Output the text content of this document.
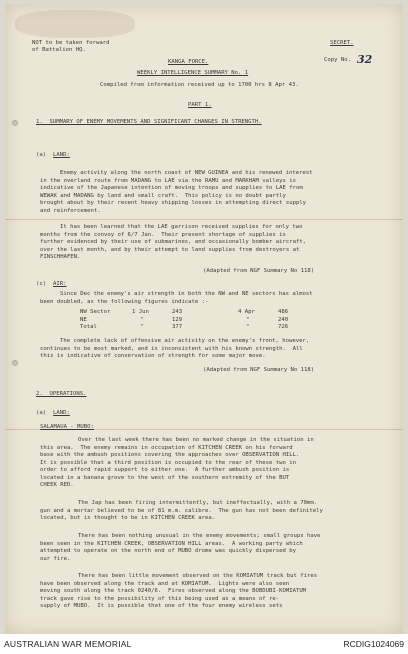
NOT to be taken forward
of Battalion HQ.
SECRET.
Copy No. 32
KANGA FORCE.
WEEKLY INTELLIGENCE SUMMARY No. 1
Compiled from information received up to 1700 hrs 8 Apr 43.
PART 1.
1.  SUMMARY OF ENEMY MOVEMENTS AND SIGNIFICANT CHANGES IN STRENGTH.
(a) LAND:
Enemy activity along the north coast of NEW GUINEA and his renewed interest
in the overland route from MADANG to LAE via the RAMU and MARKHAM valleys is
indicative of the Japanese intention of moving troops and supplies to LAE from
WEWAK and MADANG by land and small craft.  This policy is no doubt partly
brought about by their recent heavy shipping losses in attempting direct supply
and reinforcement.
It has been learned that the LAE garrison received supplies for only two
months from the convoy of 6/7 Jan.  Their present shortage of supplies is
further evidenced by their use of submarines, and occasionally bomber aircraft,
over the last month, and by their attempt to land supplies from destroyers at
FINSCHHAFEN.
(Adapted from NGF Summary No 118)
(c) AIR:
Since Dec the enemy's air strength in both the NW and NE sectors has almost
been doubled, as the following figures indicate :-
NW Sector	1 Jun	243	4 Apr	486
NE	"	129	"	240
Total	"	377	"	726
The complete lack of offensive air activity on the enemy's front, however,
continues to be most marked, and is inconsistent with his known strength.  All
this is indicative of conservation of strength for some major move.
(Adapted from NGF Summary No 118)
2.  OPERATIONS.
(a) LAND:
SALAMAUA - MUBO:
Over the last week there has been no marked change in the situation in
this area.  The enemy remains in occupation of KITCHEN CREEK on his forward
base with the ambush positions covering the approaches over OBSERVATION HILL.
It is possible that a third position is occupied to the rear of these two in
order to afford rapid support to either one.  A further ambush position is
located in a banana grove to the west of the southern extremity of the BUT
CHEEK RED.
The Jap has been firing intermittently, but ineffectually, with a 70mm.
gun and a mortar believed to be of 81 m.m. calibre.  The gun has not been definitely
located, but is thought to be in KITCHEN CREEK area.
There has been nothing unusual in the enemy movements; small groups have
been seen in the KITCHEN CREEK, OBSERVATION HILL areas.  A working party which
attempted to operate on the north end of MUBO drome was quickly dispersed by
our fire.
There has been little movement observed on the KOMIATUM track but fires
have been observed along the track and at KOMIATUM.  Lights were also seen
moving south along the track 0240/6.  Fires observed along the BOBDUBI-KOMIATUM
track gave rise to the possibility of this being used as a means of re-
supply of MUBO.  It is possible that one of the four enemy wireless sets
AUSTRALIAN WAR MEMORIAL	RCDIG1024069
